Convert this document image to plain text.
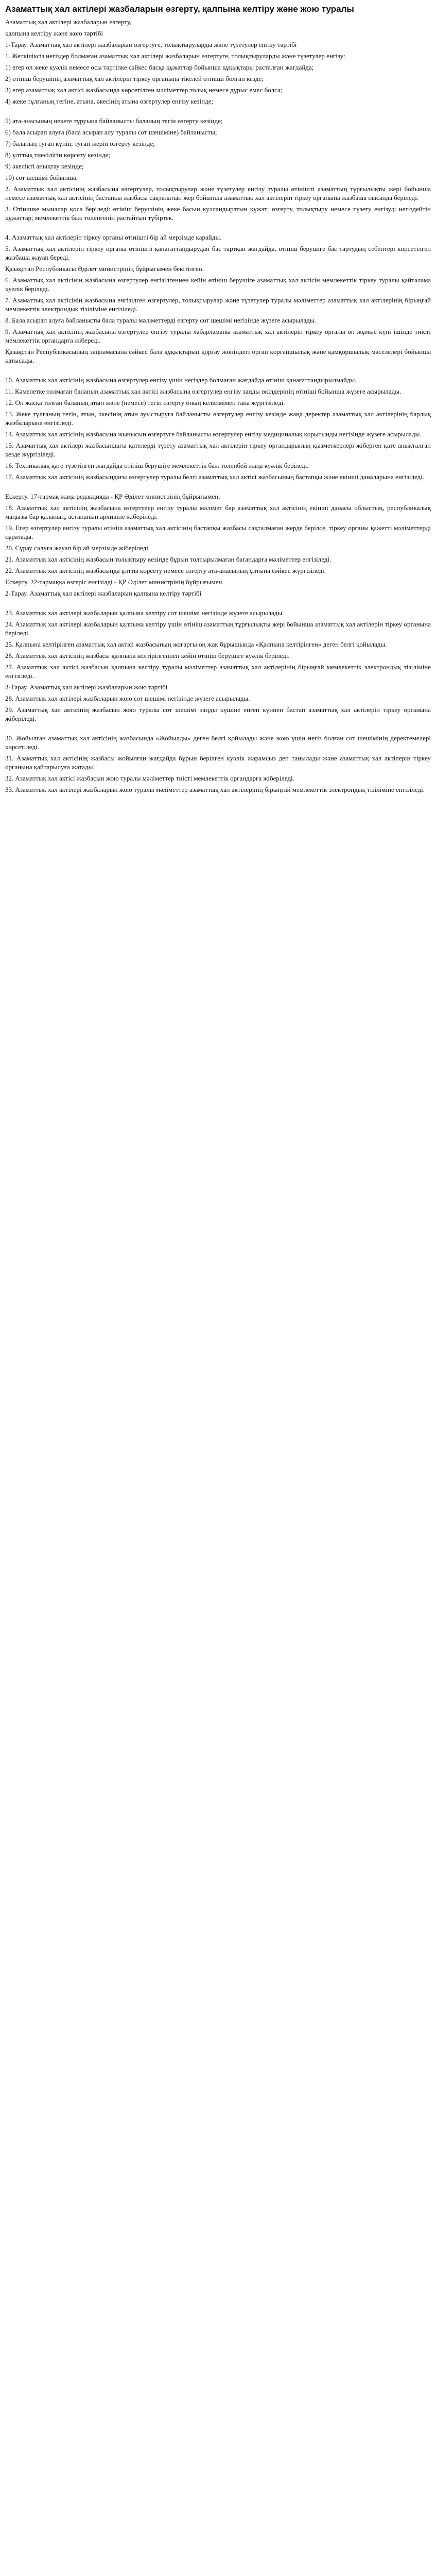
Азаматтық хал актілері жазбаларын өзгерту, қалпына келтіру және жою туралы

Азаматтық хал актілері жазбаларын өзгерту,

қалпына келтіру және жою тәртібі

1-Тарау. Азаматтық хал актілері жазбаларын өзгертуге, толықтыруларды және түзетулер енгізу тәртібі

1. Жеткіліксіз негіздер болмаған азаматтық хал актілері жазбаларын өзгертуге, толықтыруларды және түзетулер енгізу:

1) егер ол жеке куәлік немесе осы тәртіпке сәйкес басқа құжаттар бойынша құқықтары расталған жағдайда;

2) өтініш берушінің азаматтық хал актілерін тіркеу органына тікелей өтініші болған кезде;

3) егер азаматтық хал актісі жазбасында көрсетілген мәліметтер толық немесе дұрыс емес болса;

4) жеке тұлғаның тегіне, атына, әкесінің атына өзгертулер енгізу кезінде;

5) ата-анасының некеге тұруына байланысты баланың тегін өзгерту кезінде;

6) бала асырап алуға (бала асырап алу туралы сот шешіміне) байланысты;

7) баланың туған күнін, туған жерін өзгерту кезінде;

8) ұлттық тиесілігін көрсету кезінде;

9) әкелікті анықтау кезінде;

10) сот шешімі бойынша.

2. Азаматтық хал актісінің жазбасына өзгертулер, толықтырулар және түзетулер енгізу туралы өтінішті азаматтың тұрғылықты жері бойынша немесе азаматтық хал актісінің бастапқы жазбасы сақталатын жер бойынша азаматтық хал актілерін тіркеу органына жазбаша нысанда беріледі.

3. Өтінішке мыналар қоса беріледі: өтініш берушінің жеке басын куәландыратын құжат; өзгерту, толықтыру немесе түзету енгізуді негіздейтін құжаттар; мемлекеттік баж төленгенін растайтын түбіртек.

4. Азаматтық хал актілерін тіркеу органы өтінішті бір ай мерзімде қарайды.

5. Азаматтық хал актілерін тіркеу органы өтінішті қанағаттандырудан бас тартқан жағдайда, өтініш берушіге бас тартудың себептері көрсетілген жазбаша жауап береді.

Қазақстан Республикасы Әділет министрінің бұйрығымен бекітілген.

6. Азаматтық хал актісінің жазбасына өзгертулер енгізілгеннен кейін өтініш берушіге азаматтық хал актісін мемлекеттік тіркеу туралы қайталама куәлік беріледі.

7. Азаматтық хал актісінің жазбасына енгізілген өзгертулер, толықтырулар және түзетулер туралы мәліметтер азаматтық хал актілерінің бірыңғай мемлекеттік электрондық тізіліміне енгізіледі.

8. Бала асырап алуға байланысты бала туралы мәліметтерді өзгерту сот шешімі негізінде жүзеге асырылады.

9. Азаматтық хал актісінің жазбасына өзгертулер енгізу туралы хабарламаны азаматтық хал актілерін тіркеу органы он жұмыс күні ішінде тиісті мемлекеттік органдарға жібереді.

Қазақстан Республикасының заңнамасына сәйкес бала құқықтарын қорғау жөніндегі орган қорғаншылық және қамқоршылық мәселелері бойынша қатысады.

10. Азаматтық хал актісінің жазбасына өзгертулер енгізу үшін негіздер болмаған жағдайда өтініш қанағаттандырылмайды.

11. Кәмелетке толмаған баланың азаматтық хал актісі жазбасына өзгертулер енгізу заңды өкілдерінің өтініші бойынша жүзеге асырылады.

12. Он жасқа толған баланың атын және (немесе) тегін өзгерту оның келісімімен ғана жүргізіледі.

13. Жеке тұлғаның тегін, атын, әкесінің атын ауыстыруға байланысты өзгертулер енгізу кезінде жаңа деректер азаматтық хал актілерінің барлық жазбаларына енгізіледі.

14. Азаматтық хал актісінің жазбасына жынысын өзгертуге байланысты өзгертулер енгізу медициналық қорытынды негізінде жүзеге асырылады.

15. Азаматтық хал актілері жазбасындағы қателерді түзету азаматтық хал актілерін тіркеу органдарының қызметкерлері жіберген қате анықталған кезде жүргізіледі.

16. Техникалық қате түзетілген жағдайда өтініш берушіге мемлекеттік баж төленбей жаңа куәлік беріледі.

17. Азаматтық хал актісінің жазбасындағы өзгертулер туралы белгі азаматтық хал актісі жазбасының бастапқы және екінші даналарына енгізіледі.

Ескерту. 17-тармақ жаңа редакцияда - ҚР Әділет министрінің бұйрығымен.

18. Азаматтық хал актісінің жазбасына өзгертулер енгізу туралы мәлімет бар азаматтық хал актісінің екінші данасы облыстың, республикалық маңызы бар қаланың, астананың архивіне жіберіледі.

19. Егер өзгертулер енгізу туралы өтініш азаматтық хал актісінің бастапқы жазбасы сақталмаған жерде берілсе, тіркеу органы қажетті мәліметтерді сұратады.

20. Сұрау салуға жауап бір ай мерзімде жіберіледі.

21. Азаматтық хал актісінің жазбасын толықтыру кезінде бұрын толтырылмаған бағандарға мәліметтер енгізіледі.

22. Азаматтық хал актісінің жазбасында ұлтты көрсету немесе өзгерту ата-анасының ұлтына сәйкес жүргізіледі.

Ескерту. 22-тармаққа өзгеріс енгізілді - ҚР Әділет министрінің бұйрығымен.

2-Тарау. Азаматтық хал актілері жазбаларын қалпына келтіру тәртібі

23. Азаматтық хал актілері жазбаларын қалпына келтіру сот шешімі негізінде жүзеге асырылады.

24. Азаматтық хал актілері жазбаларын қалпына келтіру үшін өтініш азаматтың тұрғылықты жері бойынша азаматтық хал актілерін тіркеу органына беріледі.

25. Қалпына келтірілген азаматтық хал актісі жазбасының жоғарғы оң жақ бұрышында «Қалпына келтірілген» деген белгі қойылады.

26. Азаматтық хал актісінің жазбасы қалпына келтірілгеннен кейін өтініш берушіге куәлік беріледі.

27. Азаматтық хал актісі жазбасын қалпына келтіру туралы мәліметтер азаматтық хал актілерінің бірыңғай мемлекеттік электрондық тізіліміне енгізіледі.

3-Тарау. Азаматтық хал актілері жазбаларын жою тәртібі

28. Азаматтық хал актілері жазбаларын жою сот шешімі негізінде жүзеге асырылады.

29. Азаматтық хал актісінің жазбасын жою туралы сот шешімі заңды күшіне енген күннен бастап азаматтық хал актілерін тіркеу органына жіберіледі.

30. Жойылған азаматтық хал актісінің жазбасында «Жойылды» деген белгі қойылады және жою үшін негіз болған сот шешімінің деректемелері көрсетіледі.

31. Азаматтық хал актісінің жазбасы жойылған жағдайда бұрын берілген куәлік жарамсыз деп танылады және азаматтық хал актілерін тіркеу органына қайтарылуға жатады.

32. Азаматтық хал актісі жазбасын жою туралы мәліметтер тиісті мемлекеттік органдарға жіберіледі.

33. Азаматтық хал актілері жазбаларын жою туралы мәліметтер азаматтық хал актілерінің бірыңғай мемлекеттік электрондық тізіліміне енгізіледі.
